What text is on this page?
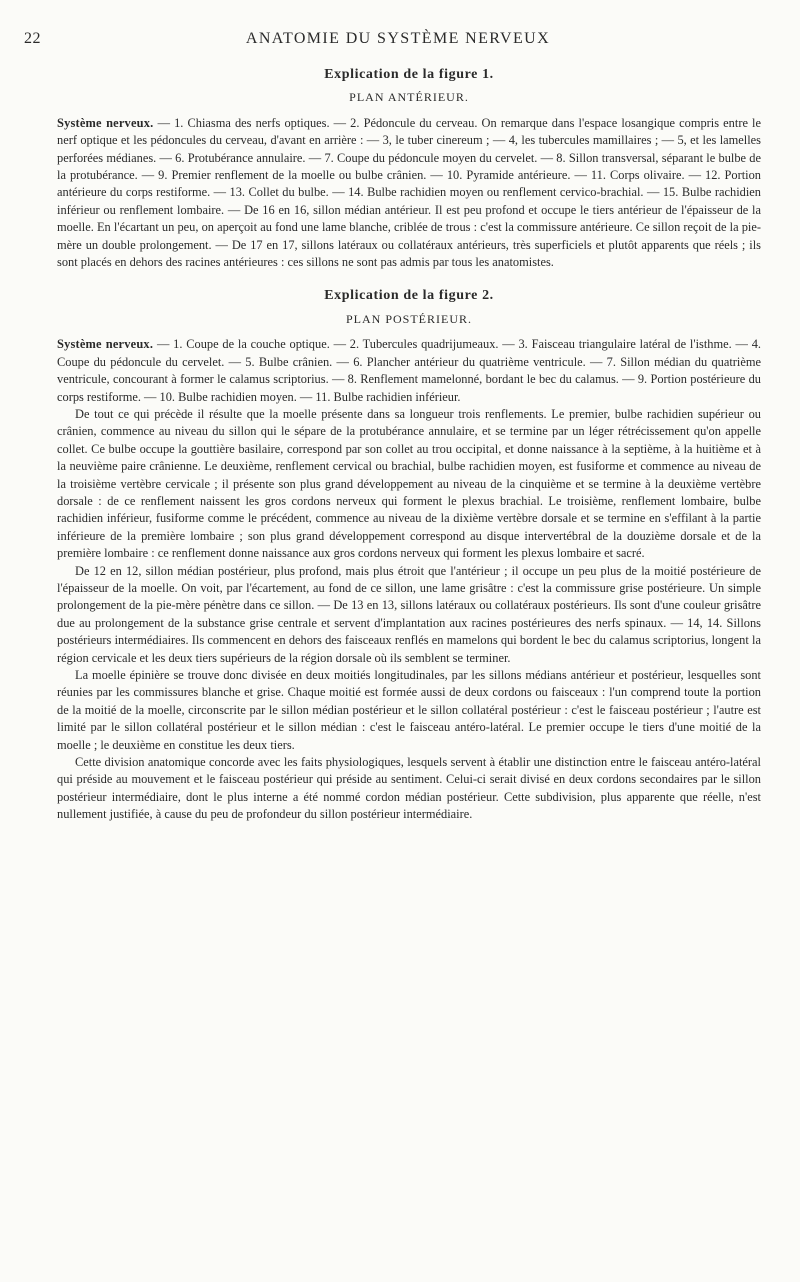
22	ANATOMIE DU SYSTÈME NERVEUX
Explication de la figure 1.
PLAN ANTÉRIEUR.

Système nerveux. — 1. Chiasma des nerfs optiques. — 2. Pédoncule du cerveau. On remarque dans l'espace losangique compris entre le nerf optique et les pédoncules du cerveau, d'avant en arrière : — 3, le tuber cinereum ; — 4, les tubercules mamillaires ; — 5, et les lamelles perforées médianes. — 6. Protubérance annulaire. — 7. Coupe du pédoncule moyen du cervelet. — 8. Sillon transversal, séparant le bulbe de la protubérance. — 9. Premier renflement de la moelle ou bulbe crânien. — 10. Pyramide antérieure. — 11. Corps olivaire. — 12. Portion antérieure du corps restiforme. — 13. Collet du bulbe. — 14. Bulbe rachidien moyen ou renflement cervico-brachial. — 15. Bulbe rachidien inférieur ou renflement lombaire. — De 16 en 16, sillon médian antérieur. Il est peu profond et occupe le tiers antérieur de l'épaisseur de la moelle. En l'écartant un peu, on aperçoit au fond une lame blanche, criblée de trous : c'est la commissure antérieure. Ce sillon reçoit de la pie-mère un double prolongement. — De 17 en 17, sillons latéraux ou collatéraux antérieurs, très superficiels et plutôt apparents que réels ; ils sont placés en dehors des racines antérieures : ces sillons ne sont pas admis par tous les anatomistes.

Explication de la figure 2.
PLAN POSTÉRIEUR.

Système nerveux. — 1. Coupe de la couche optique. — 2. Tubercules quadrijumeaux. — 3. Faisceau triangulaire latéral de l'isthme. — 4. Coupe du pédoncule du cervelet. — 5. Bulbe crânien. — 6. Plancher antérieur du quatrième ventricule. — 7. Sillon médian du quatrième ventricule, concourant à former le calamus scriptorius. — 8. Renflement mamelonné, bordant le bec du calamus. — 9. Portion postérieure du corps restiforme. — 10. Bulbe rachidien moyen. — 11. Bulbe rachidien inférieur.

De tout ce qui précède il résulte que la moelle présente dans sa longueur trois renflements. Le premier, bulbe rachidien supérieur ou crânien, commence au niveau du sillon qui le sépare de la protubérance annulaire, et se termine par un léger rétrécissement qu'on appelle collet. Ce bulbe occupe la gouttière basilaire, correspond par son collet au trou occipital, et donne naissance à la septième, à la huitième et à la neuvième paire crânienne. Le deuxième, renflement cervical ou brachial, bulbe rachidien moyen, est fusiforme et commence au niveau de la troisième vertèbre cervicale ; il présente son plus grand développement au niveau de la cinquième et se termine à la deuxième vertèbre dorsale : de ce renflement naissent les gros cordons nerveux qui forment le plexus brachial. Le troisième, renflement lombaire, bulbe rachidien inférieur, fusiforme comme le précédent, commence au niveau de la dixième vertèbre dorsale et se termine en s'effilant à la partie inférieure de la première lombaire ; son plus grand développement correspond au disque intervertébral de la douzième dorsale et de la première lombaire : ce renflement donne naissance aux gros cordons nerveux qui forment les plexus lombaire et sacré.

De 12 en 12, sillon médian postérieur, plus profond, mais plus étroit que l'antérieur ; il occupe un peu plus de la moitié postérieure de l'épaisseur de la moelle. On voit, par l'écartement, au fond de ce sillon, une lame grisâtre : c'est la commissure grise postérieure. Un simple prolongement de la pie-mère pénètre dans ce sillon. — De 13 en 13, sillons latéraux ou collatéraux postérieurs. Ils sont d'une couleur grisâtre due au prolongement de la substance grise centrale et servent d'implantation aux racines postérieures des nerfs spinaux. — 14, 14. Sillons postérieurs intermédiaires. Ils commencent en dehors des faisceaux renflés en mamelons qui bordent le bec du calamus scriptorius, longent la région cervicale et les deux tiers supérieurs de la région dorsale où ils semblent se terminer.

La moelle épinière se trouve donc divisée en deux moitiés longitudinales, par les sillons médians antérieur et postérieur, lesquelles sont réunies par les commissures blanche et grise. Chaque moitié est formée aussi de deux cordons ou faisceaux : l'un comprend toute la portion de la moitié de la moelle, circonscrite par le sillon médian postérieur et le sillon collatéral postérieur : c'est le faisceau postérieur ; l'autre est limité par le sillon collatéral postérieur et le sillon médian : c'est le faisceau antéro-latéral. Le premier occupe le tiers d'une moitié de la moelle ; le deuxième en constitue les deux tiers.

Cette division anatomique concorde avec les faits physiologiques, lesquels servent à établir une distinction entre le faisceau antéro-latéral qui préside au mouvement et le faisceau postérieur qui préside au sentiment. Celui-ci serait divisé en deux cordons secondaires par le sillon postérieur intermédiaire, dont le plus interne a été nommé cordon médian postérieur. Cette subdivision, plus apparente que réelle, n'est nullement justifiée, à cause du peu de profondeur du sillon postérieur intermédiaire.
